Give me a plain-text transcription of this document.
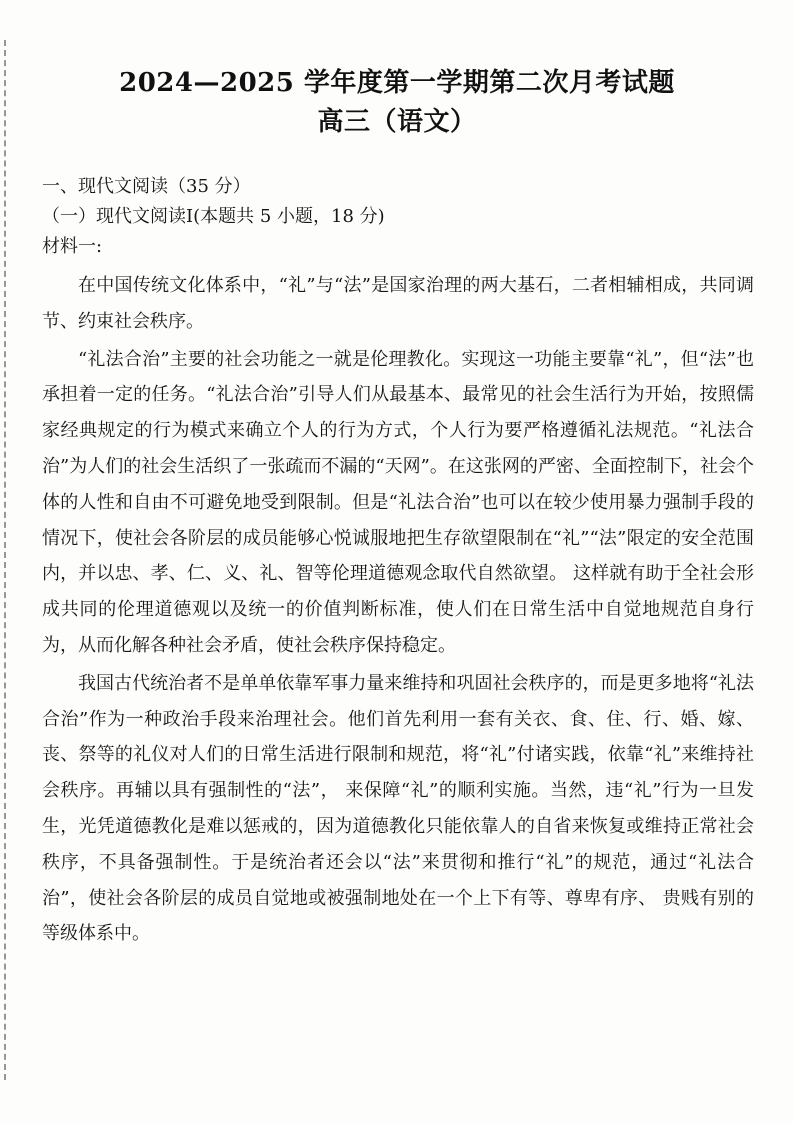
2024—2025 学年度第一学期第二次月考试题
高三（语文）
一、现代文阅读（35 分）
（一）现代文阅读Ⅰ(本题共 5 小题，18 分)
材料一:

在中国传统文化体系中，“礼”与“法”是国家治理的两大基石，二者相辅相成，共同调节、约束社会秩序。

“礼法合治”主要的社会功能之一就是伦理教化。实现这一功能主要靠“礼”，但“法”也承担着一定的任务。“礼法合治”引导人们从最基本、最常见的社会生活行为开始，按照儒家经典规定的行为模式来确立个人的行为方式，个人行为要严格遵循礼法规范。“礼法合治”为人们的社会生活织了一张疏而不漏的“天网”。在这张网的严密、全面控制下，社会个体的人性和自由不可避免地受到限制。但是“礼法合治”也可以在较少使用暴力强制手段的情况下，使社会各阶层的成员能够心悦诚服地把生存欲望限制在“礼”“法”限定的安全范围内，并以忠、孝、仁、义、礼、智等伦理道德观念取代自然欲望。 这样就有助于全社会形成共同的伦理道德观以及统一的价值判断标准，使人们在日常生活中自觉地规范自身行为，从而化解各种社会矛盾，使社会秩序保持稳定。

我国古代统治者不是单单依靠军事力量来维持和巩固社会秩序的，而是更多地将“礼法合治”作为一种政治手段来治理社会。他们首先利用一套有关衣、食、住、行、婚、嫁、丧、祭等的礼仪对人们的日常生活进行限制和规范，将“礼”付诸实践，依靠“礼”来维持社会秩序。再辅以具有强制性的“法”， 来保障“礼”的顺利实施。当然，违“礼”行为一旦发生，光凭道德教化是难以惩戒的，因为道德教化只能依靠人的自省来恢复或维持正常社会秩序，不具备强制性。于是统治者还会以“法”来贯彻和推行“礼”的规范，通过“礼法合治”，使社会各阶层的成员自觉地或被强制地处在一个上下有等、尊卑有序、 贵贱有别的等级体系中。
